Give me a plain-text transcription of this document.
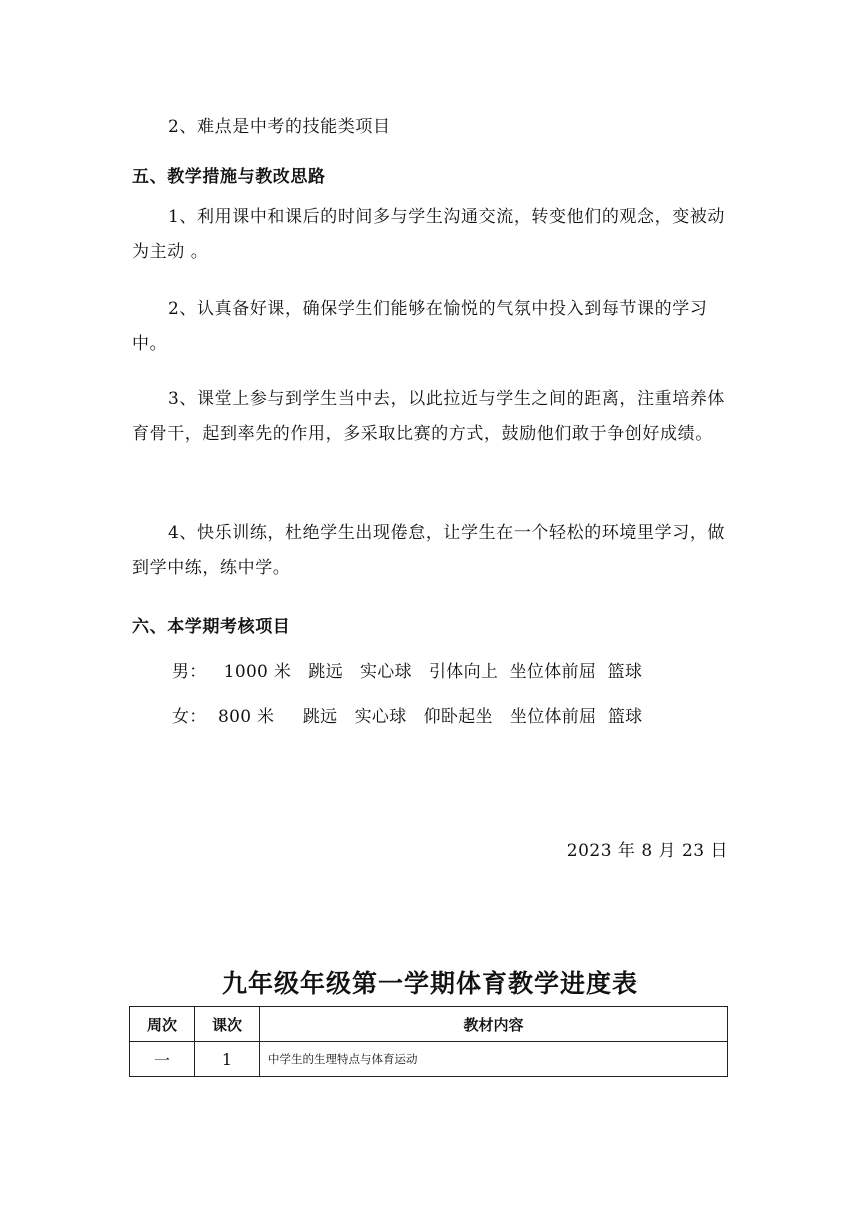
2、难点是中考的技能类项目

五、教学措施与教改思路

1、利用课中和课后的时间多与学生沟通交流，转变他们的观念，变被动为主动 。

2、认真备好课，确保学生们能够在愉悦的气氛中投入到每节课的学习中。

3、课堂上参与到学生当中去，以此拉近与学生之间的距离，注重培养体育骨干，起到率先的作用，多采取比赛的方式，鼓励他们敢于争创好成绩。

4、快乐训练，杜绝学生出现倦怠，让学生在一个轻松的环境里学习，做到学中练，练中学。

六、本学期考核项目

男：   1000 米   跳远   实心球   引体向上  坐位体前屈  篮球
女：  800 米     跳远   实心球   仰卧起坐   坐位体前屈  篮球
2023 年 8 月 23 日
九年级年级第一学期体育教学进度表
周次	课次	教材内容
一	1	中学生的生理特点与体育运动
